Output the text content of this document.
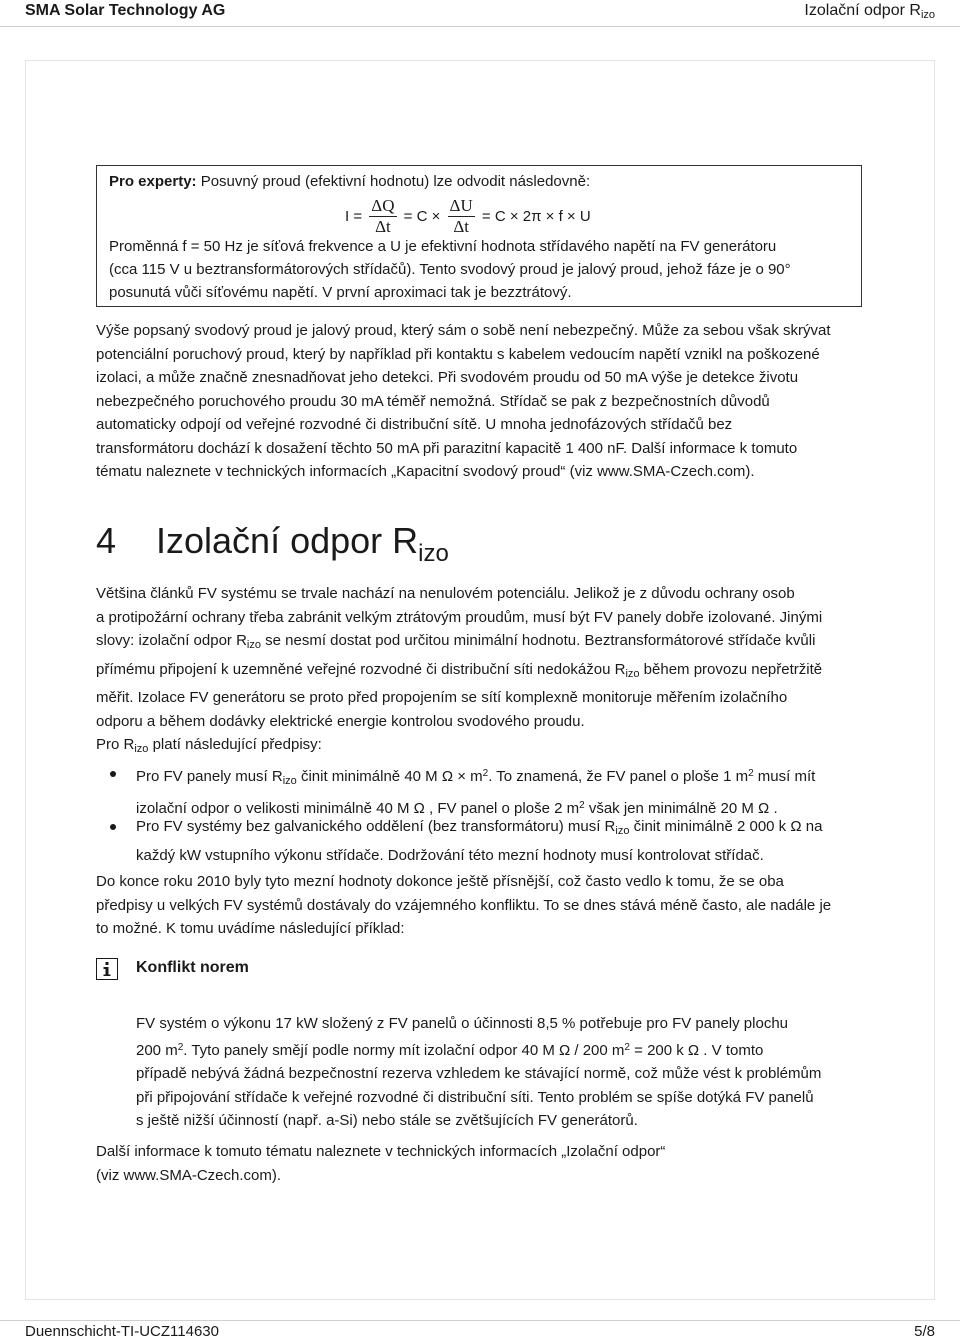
SMA Solar Technology AG	Izolační odpor $R_{izo}$
Pro experty: Posuvný proud (efektivní hodnotu) lze odvodit následovně:
$I = \frac{\Delta Q}{\Delta t} = C \times \frac{\Delta U}{\Delta t} = C \times 2\pi \times f \times U$
Proměnná f = 50 Hz je síťová frekvence a U je efektivní hodnota střídavého napětí na FV generátoru
(cca 115 V u beztransformátorových střídačů). Tento svodový proud je jalový proud, jehož fáze je o 90°
posunutá vůči síťovému napětí. V první aproximaci tak je bezztrátový.
Výše popsaný svodový proud je jalový proud, který sám o sobě není nebezpečný. Může za sebou však skrývat
potenciální poruchový proud, který by například při kontaktu s kabelem vedoucím napětí vznikl na poškozené
izolaci, a může značně znesnadňovat jeho detekci. Při svodovém proudu od 50 mA výše je detekce životu
nebezpečného poruchového proudu 30 mA téměř nemožná. Střídač se pak z bezpečnostních důvodů
automaticky odpojí od veřejné rozvodné či distribuční sítě. U mnoha jednofázových střídačů bez
transformátoru dochází k dosažení těchto 50 mA při parazitní kapacitě 1 400 nF. Další informace k tomuto
tématu naleznete v technických informacích „Kapacitní svodový proud“ (viz www.SMA-Czech.com).
4 Izolační odpor $R_{izo}$
Většina článků FV systému se trvale nachází na nenulovém potenciálu. Jelikož je z důvodu ochrany osob
a protipožární ochrany třeba zabránit velkým ztrátovým proudům, musí být FV panely dobře izolované. Jinými
slovy: izolační odpor $R_{izo}$ se nesmí dostat pod určitou minimální hodnotu. Beztransformátorové střídače kvůli
přímému připojení k uzemněné veřejné rozvodné či distribuční síti nedokážou $R_{izo}$ během provozu nepřetržitě
měřit. Izolace FV generátoru se proto před propojením se sítí komplexně monitoruje měřením izolačního
odporu a během dodávky elektrické energie kontrolou svodového proudu.
Pro $R_{izo}$ platí následující předpisy:
Pro FV panely musí $R_{izo}$ činit minimálně 40 M $\Omega \times m^2$. To znamená, že FV panel o ploše 1 $m^2$ musí mít
izolační odpor o velikosti minimálně 40 M Ω , FV panel o ploše 2 $m^2$ však jen minimálně 20 M Ω .
Pro FV systémy bez galvanického oddělení (bez transformátoru) musí $R_{izo}$ činit minimálně 2 000 k Ω na
každý kW vstupního výkonu střídače. Dodržování této mezní hodnoty musí kontrolovat střídač.
Do konce roku 2010 byly tyto mezní hodnoty dokonce ještě přísnější, což často vedlo k tomu, že se oba
předpisy u velkých FV systémů dostávaly do vzájemného konfliktu. To se dnes stává méně často, ale nadále je
to možné. K tomu uvádíme následující příklad:
Konflikt norem
FV systém o výkonu 17 kW složený z FV panelů o účinnosti 8,5 % potřebuje pro FV panely plochu
200 $m^2$. Tyto panely smějí podle normy mít izolační odpor 40 M Ω / 200 $m^2 = 200$ k Ω . V tomto
případě nebývá žádná bezpečnostní rezerva vzhledem ke stávající normě, což může vést k problémům
při připojování střídače k veřejné rozvodné či distribuční síti. Tento problém se spíše dotýká FV panelů
s ještě nižší účinností (např. a-Si) nebo stále se zvětšujících FV generátorů.
Další informace k tomuto tématu naleznete v technických informacích „Izolační odpor“
(viz www.SMA-Czech.com).
Duennschicht-TI-UCZ114630	5/8
